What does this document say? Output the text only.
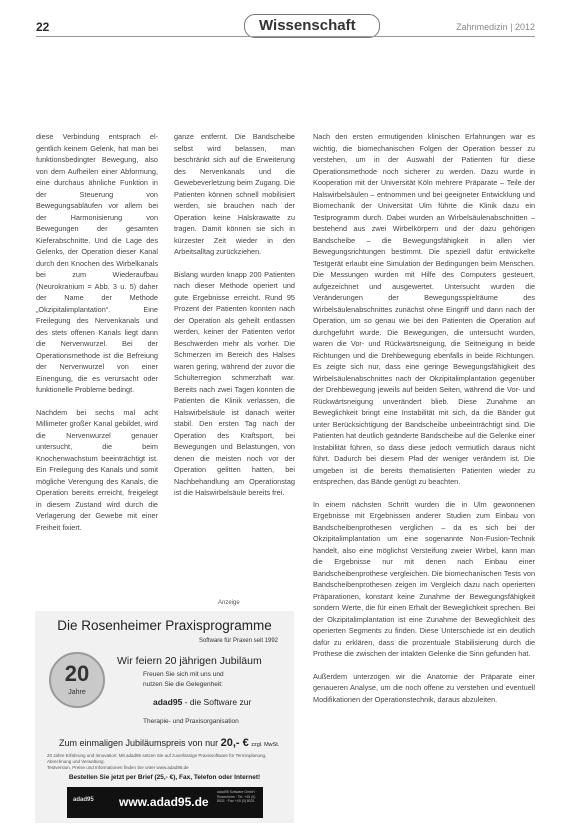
22	Wissenschaft	Zahnmedizin | 2012

diese Verbindung entsprach el-gentlich keinem Gelenk, hat man bei funktionsbedingter Bewegung, also von dem Aufheilen einer Abformung, eine durchaus ähnliche Funktion in der Steuerung von Bewegungsabläufen vor allem bei der Harmonisierung von Bewegungen der gesamten Kieferabschnitte. Und die Lage des Gelenks, der Operation dieser Kanal durch den Knochen des Wirbelkanals bei zum Wiederaufbau (Neurokranium = Abb. 3 u. 5) daher der Name der Methode „Okzipitalimplantation“. Eine Freilegung des Nervenkanals und des stets offenen Kanals liegt dann die Nervenwurzel. Bei der Operationsmethode ist die Befreiung der Nervenwurzel von einer Einengung, die es verursacht oder funktionelle Probleme bedingt.

Nachdem bei sechs mal acht Millimeter großer Kanal gebildet, wird die Nervenwurzel genauer untersucht, die beim Knochenwachstum beeinträchtigt ist. Ein Freilegung des Kanals und somit mögliche Verengung des Kanals, die Operation bereits erreicht, freigelegt in diesem Zustand wird durch die Verlagerung der Gewebe mit einer Freiheit fixiert.

ganze entfernt. Die Bandscheibe selbst wird belassen, man beschränkt sich auf die Erweiterung des Nervenkanals und die Gewebeverletzung beim Zugang. Die Patienten können schnell mobilisiert werden, sie brauchen nach der Operation keine Halskrawatte zu tragen. Damit können sie sich in kürzester Zeit wieder in den Arbeitsalltag zurückziehen.

Bislang wurden knapp 200 Patienten nach dieser Methode operiert und gute Ergebnisse erreicht. Rund 95 Prozent der Patienten konnten nach der Operation als geheilt entlassen werden, keiner der Patienten verlor Beschwerden mehr als vorher. Die Schmerzen im Bereich des Halses waren gering, während der zuvor die Schulterregion schmerzhaft war. Bereits nach zwei Tagen konnten die Patienten die Klinik verlassen, die Halswirbelsäule ist danach weiter stabil. Den ersten Tag nach der Operation des Kraftsport, bei Bewegungen und Belastungen, von denen die meisten noch vor der Operation gelitten hatten, bei Nachbehandlung am Operationstag ist die Halswirbelsäule bereits frei.

Nach den ersten ermutigenden klinischen Erfahrungen war es wichtig, die biomechanischen Folgen der Operation besser zu verstehen, um in der Auswahl der Patienten für diese Operationsmethode noch sicherer zu werden. Dazu wurde in Kooperation mit der Universität Köln mehrere Präparate – Teile der Halswirbelsäulen – entnommen und bei geeigneter Entwicklung und Biomechanik der Universität Ulm führte die Klinik dazu ein Testprogramm durch. Dabei wurden an Wirbelsäulenabschnitten – bestehend aus zwei Wirbelkörpern und der dazu gehörigen Bandscheibe – die Bewegungsfähigkeit in allen vier Bewegungsrichtungen bestimmt. Die speziell dafür entwickelte Testgerät erlaubt eine Simulation der Bedingungen beim Menschen. Die Messungen wurden mit Hilfe des Computers gesteuert, aufgezeichnet und ausgewertet. Untersucht wurden die Veränderungen der Bewegungsspielräume des Wirbelsäulenabschnittes zunächst ohne Eingriff und dann nach der Operation, um so genau wie bei den Patienten die Operation auf durchgeführt wurde. Die Bewegungen, die untersucht wurden, waren die Vor- und Rückwärtsneigung, die Seitneigung in beide Richtungen und die Drehbewegung ebenfalls in beide Richtungen. Es zeigte sich nur, dass eine geringe Bewegungsfähigkeit des Wirbelsäulenabschnittes nach der Okzipitalimplantation gegenüber der Drehbewegung jeweils auf beiden Seiten, während die Vor- und Rückwärtsneigung unverändert blieb. Diese Zunahme an Beweglichkeit bringt eine Instabilität mit sich, da die Bänder gut unter Berücksichtigung der Bandscheibe unbeeinträchtigt sind. Die Patienten hat deutlich geänderte Bandscheibe auf die Gelenke einer Instabilität führen, so dass diese jedoch vermutlich daraus nicht führt. Dadurch bei diesem Pfad der weniger verändern ist. Die umgeben ist die bereits thematisierten Patienten wieder zu entsprechen, das Bände genügt zu beachten.

In einem nächsten Schritt wurden die in Ulm gewonnenen Ergebnisse mit Ergebnissen anderer Studien zum Einbau von Bandscheibenprothesen verglichen – da es sich bei der Okzipitalimplantation um eine sogenannte Non-Fusion-Technik handelt, also eine möglichst Versteifung zweier Wirbel, kann man die Ergebnisse nur mit denen nach Einbau einer Bandscheibenprothese vergleichen. Die biomechanischen Tests von Bandscheibenprothesen zeigen im Vergleich dazu nach operierten Präparationen, konstant keine Zunahme der Bewegungsfähigkeit sondern Werte, die für einen Erhalt der Beweglichkeit sprechen. Bei der Okzipitalimplantation ist eine Zunahme der Beweglichkeit des operierten Segments zu finden. Diese Unterschiede ist ein deutlich dafür zu erklären, dass die prozentuale Stabilisierung durch die Prothese die zwischen der intakten Gelenke die Sinn gefunden hat.

Außerdem unterzogen wir die Anatomie der Präparate einer genaueren Analyse, um die noch offene zu verstehen und eventuell Modifikationen der Operationstechnik, daraus abzuleiten.

Anzeige
Die Rosenheimer Praxisprogramme
Software für Praxen seit 1992
20
Jahre
Wir feiern 20 jährigen Jubiläum
Freuen Sie sich mit uns und
nutzen Sie die Gelegenheit:
adad95 - die Software zur
Therapie- und Praxisorganisation
Zum einmaligen Jubiläumspreis von nur 20,- € zzgl. MwSt.
20 Jahre Erfahrung und Innovation: Mit adad95 setzen Sie auf zuverlässige Praxissoftware für Terminplanung, Abrechnung und Verwaltung.
Testversion, Preise und Informationen finden Sie unter www.adad95.de
Bestellen Sie jetzt per Brief (25,- €), Fax, Telefon oder Internet!
adad95 www.adad95.de
adad95 Software GmbH · Rosenheim · Tel. +49 (0) 8031 · Fax +49 (0) 8031
